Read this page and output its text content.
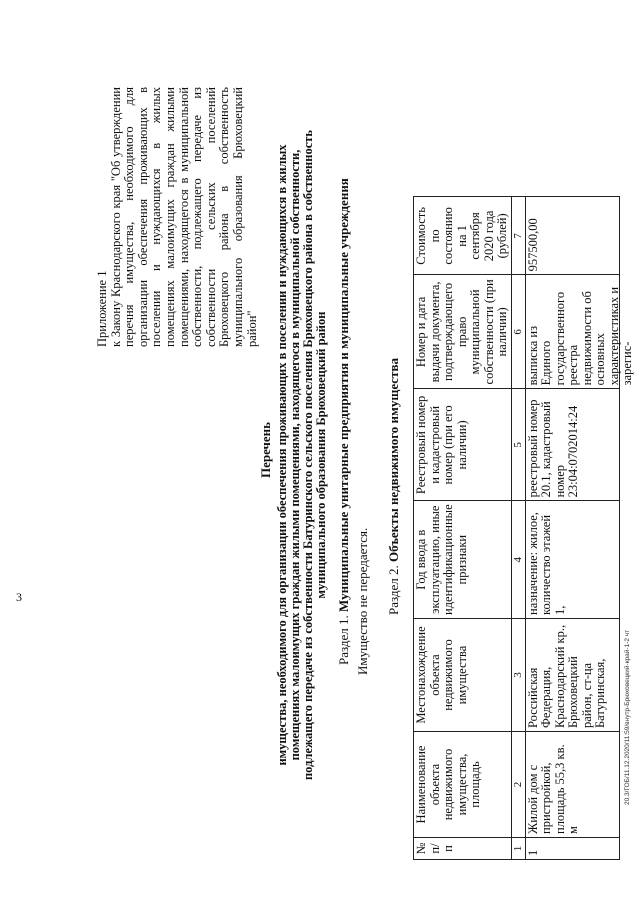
Приложение 1 к Закону Краснодарского края "Об утверждении перечня имущества, необходимого для организации обеспечения проживающих в поселении и нуждающихся в жилых помещениях малоимущих граждан жилыми помещениями, находящегося в муниципальной собственности, подлежащего передаче из собственности сельских поселений Брюховецкого района в собственность муниципального образования Брюховецкий район"
Перечень имущества, необходимого для организации обеспечения проживающих в поселении и нуждающихся в жилых помещениях малоимущих граждан жилыми помещениями, находящегося в муниципальной собственности, подлежащего передаче из собственности Батуринского сельского поселения Брюховецкого района в собственность муниципального образования Брюховецкий район
Раздел 1. Муниципальные унитарные предприятия и муниципальные учреждения Имущество не передается. Раздел 2. Объекты недвижимого имущества
№ п/п	Наименование объекта недвижимого имущества, площадь	Местонахождение объекта недвижимого имущества	Год ввода в эксплуатацию, иные идентификационные признаки	Реестровый номер и кадастровый номер (при его наличии)	Номер и дата выдачи документа, подтверждающего право муниципальной собственности (при наличии)	Стоимость по состоянию на 1 сентября 2020 года (рублей)
1	2	3	4	5	6	7

1	Жилой дом с пристройкой, площадь 55,3 кв. м	Российская Федерация, Краснодарский кр., Брюховецкий район, ст-ца Батуринская,	назначение: жилое, количество этажей 1,	реестровый номер 20.1, кадастровый номер 23:04:0702014:24	выписка из Единого государственного реестра недвижимости об основных характеристиках и зарегис-	957500,00
20.3/ГОБ/11.12.2020/11:59/внутр-Брюховецкий-край-1-2 чт
3
